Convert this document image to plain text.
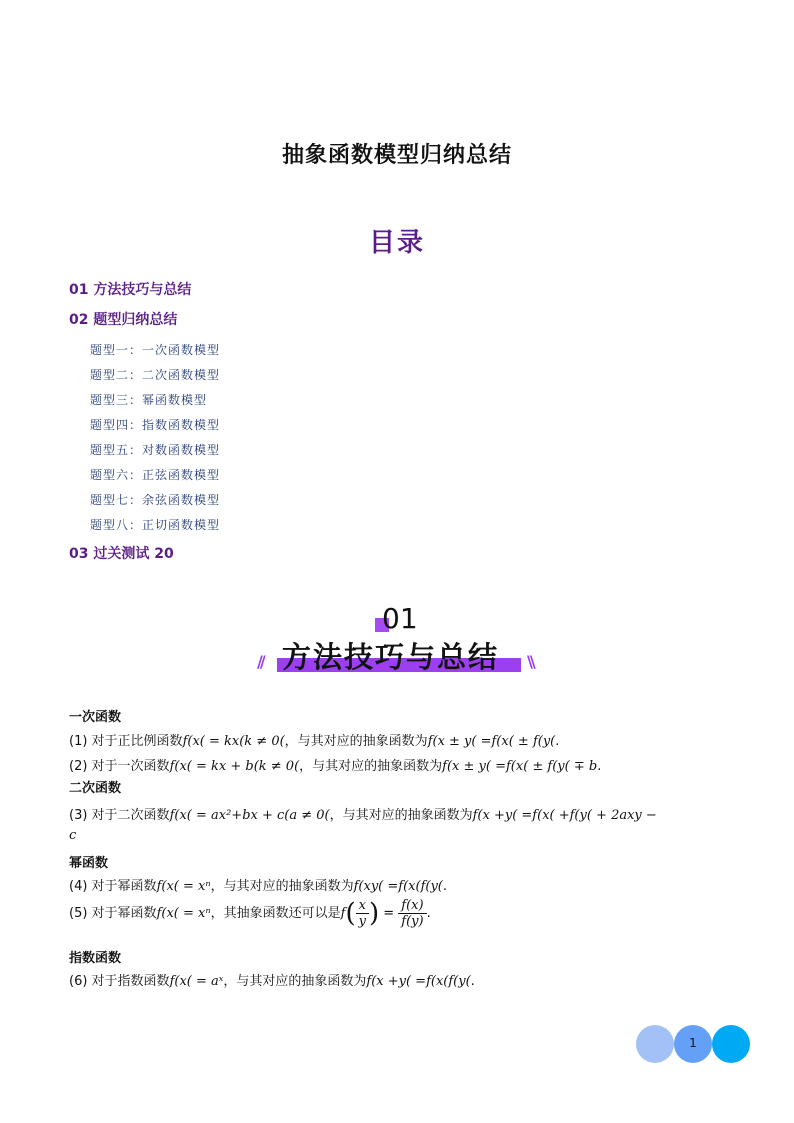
抽象函数模型归纳总结
目录
01 方法技巧与总结
02 题型归纳总结
题型一：一次函数模型
题型二：二次函数模型
题型三：幂函数模型
题型四：指数函数模型
题型五：对数函数模型
题型六：正弦函数模型
题型七：余弦函数模型
题型八：正切函数模型
03 过关测试 20
01
方法技巧与总结
//	\\
一次函数
(1) 对于正比例函数f(x( = kx(k ≠ 0(，与其对应的抽象函数为f(x ± y( =f(x( ± f(y(.
(2) 对于一次函数f(x( = kx + b(k ≠ 0(，与其对应的抽象函数为f(x ± y( =f(x( ± f(y( ∓ b.
二次函数
(3) 对于二次函数f(x( = ax²+bx + c(a ≠ 0(，与其对应的抽象函数为f(x +y( =f(x( +f(y( + 2axy −
c
幂函数
(4) 对于幂函数f(x( = xⁿ，与其对应的抽象函数为f(xy( =f(x(f(y(.
(5) 对于幂函数f(x( = xⁿ，其抽象函数还可以是$f( \frac{x}{y}$ ) = $\frac{f(x)}{f(y)}$ .
指数函数
(6) 对于指数函数f(x( = aˣ，与其对应的抽象函数为f(x +y( =f(x(f(y(.
1
